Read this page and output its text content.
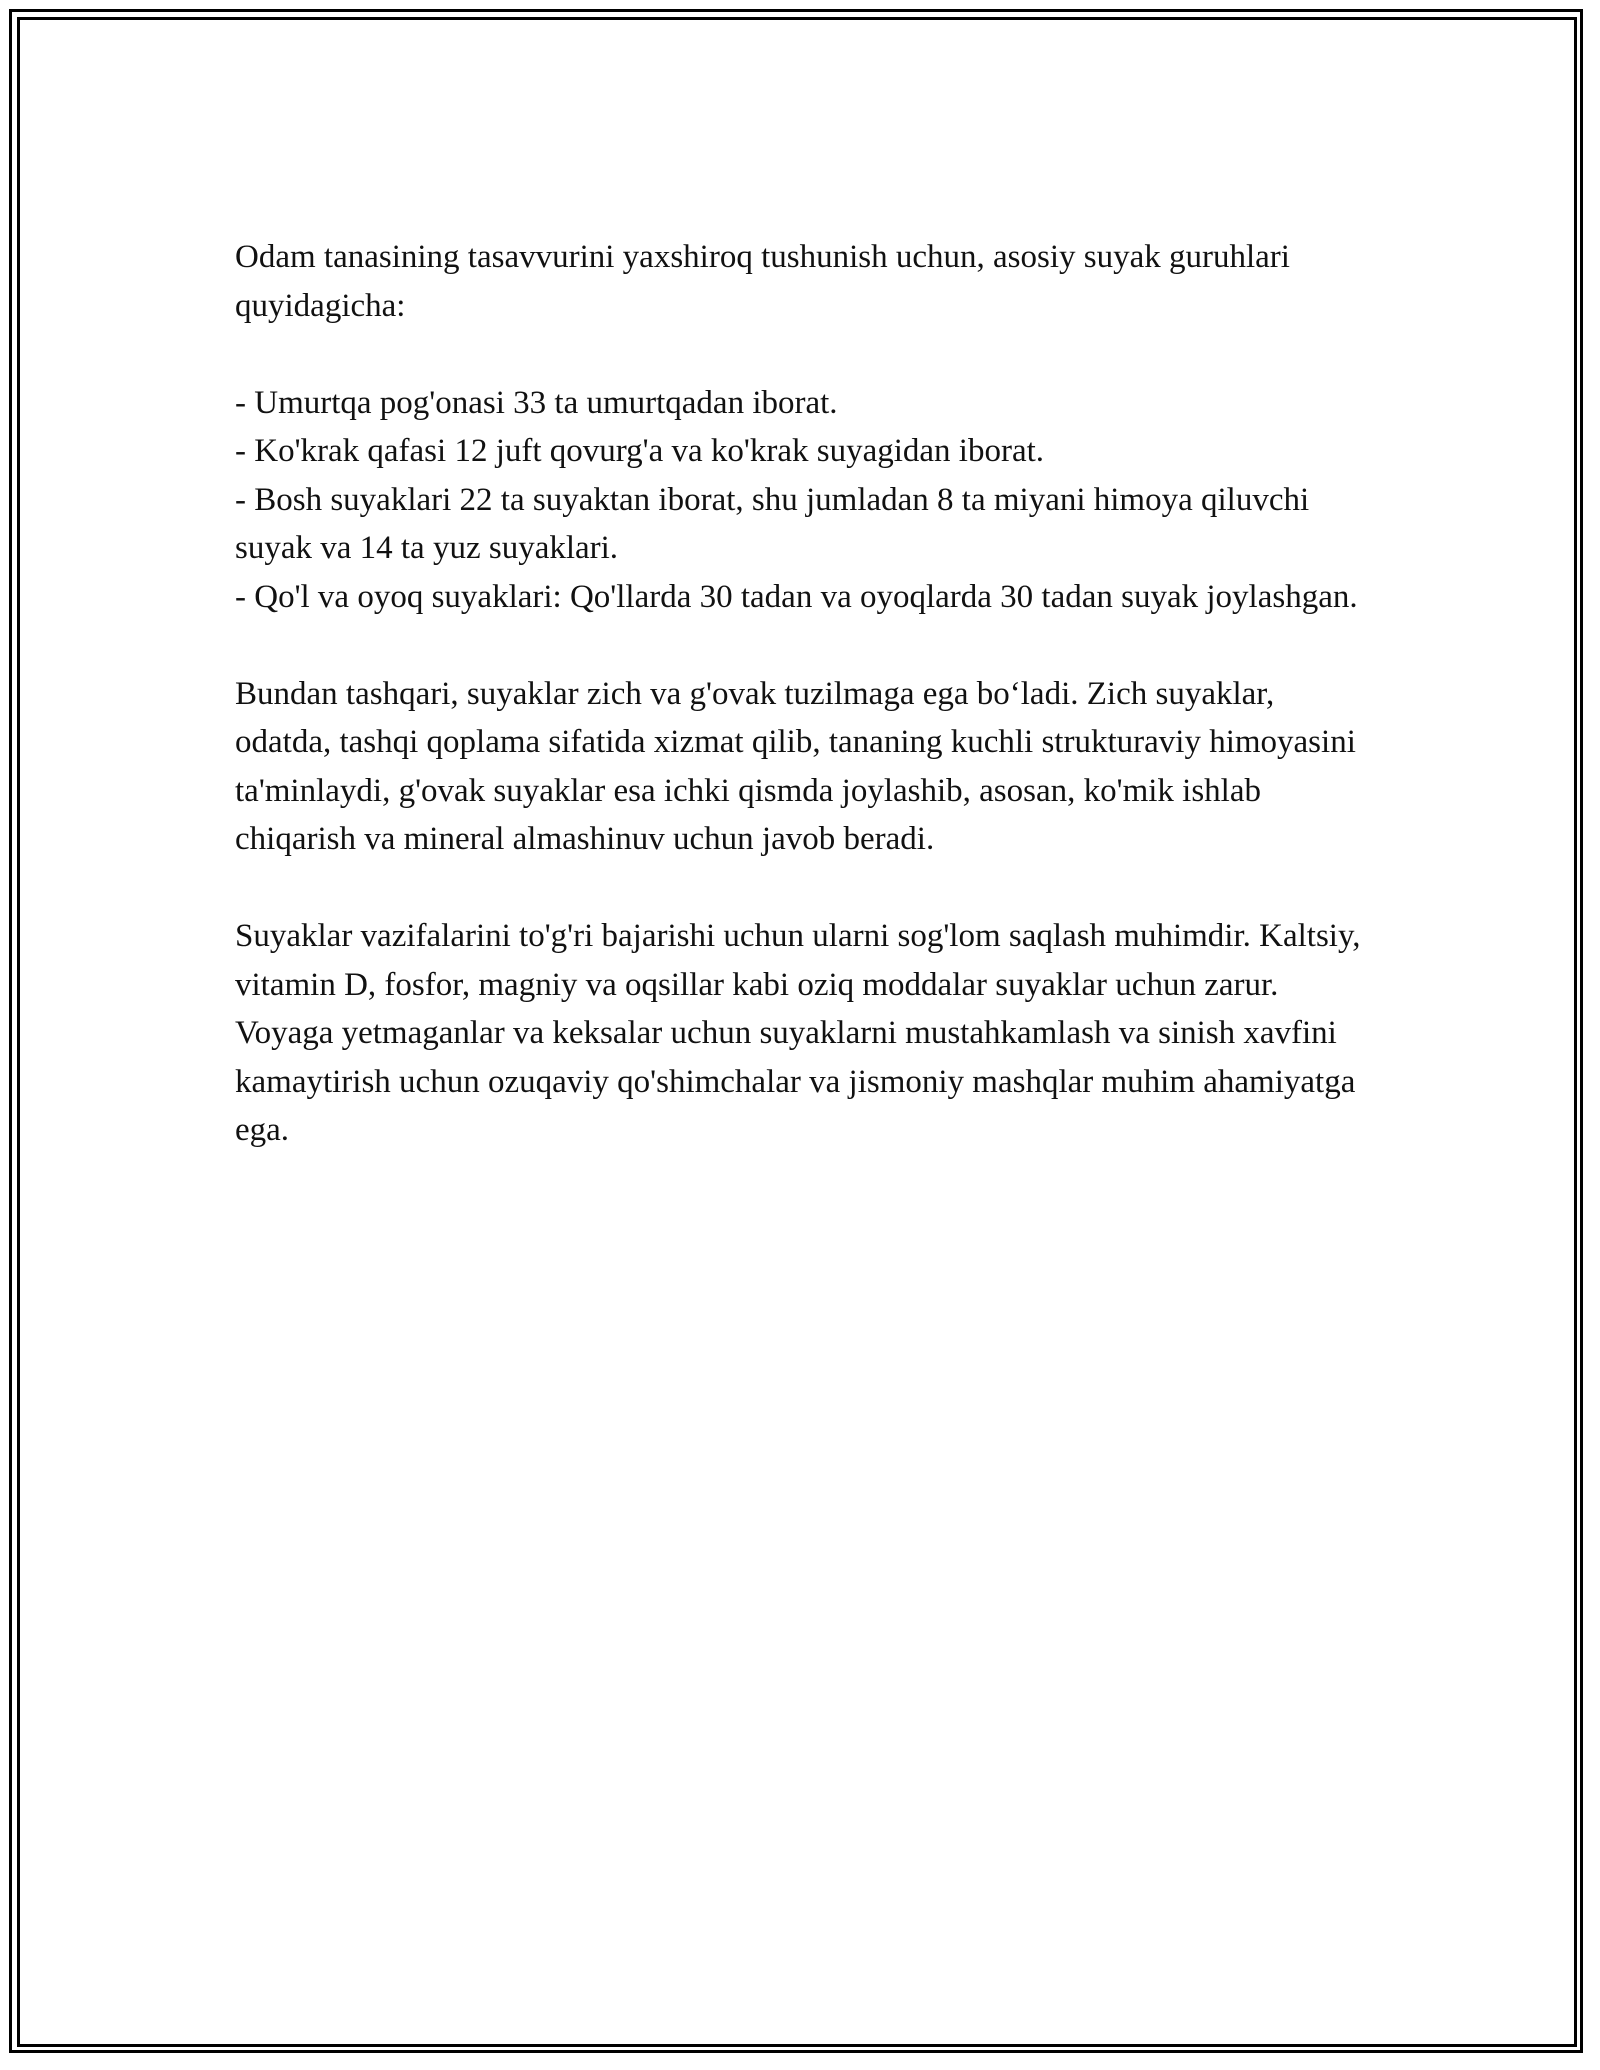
Odam tanasining tasavvurini yaxshiroq tushunish uchun, asosiy suyak guruhlari quyidagicha:

- Umurtqa pog'onasi 33 ta umurtqadan iborat.
- Ko'krak qafasi 12 juft qovurg'a va ko'krak suyagidan iborat.
- Bosh suyaklari 22 ta suyaktan iborat, shu jumladan 8 ta miyani himoya qiluvchi suyak va 14 ta yuz suyaklari.
- Qo'l va oyoq suyaklari: Qo'llarda 30 tadan va oyoqlarda 30 tadan suyak joylashgan.

Bundan tashqari, suyaklar zich va g'ovak tuzilmaga ega bo‘ladi. Zich suyaklar, odatda, tashqi qoplama sifatida xizmat qilib, tananing kuchli strukturaviy himoyasini ta'minlaydi, g'ovak suyaklar esa ichki qismda joylashib, asosan, ko'mik ishlab chiqarish va mineral almashinuv uchun javob beradi.

Suyaklar vazifalarini to'g'ri bajarishi uchun ularni sog'lom saqlash muhimdir. Kaltsiy, vitamin D, fosfor, magniy va oqsillar kabi oziq moddalar suyaklar uchun zarur. Voyaga yetmaganlar va keksalar uchun suyaklarni mustahkamlash va sinish xavfini kamaytirish uchun ozuqaviy qo'shimchalar va jismoniy mashqlar muhim ahamiyatga ega.
